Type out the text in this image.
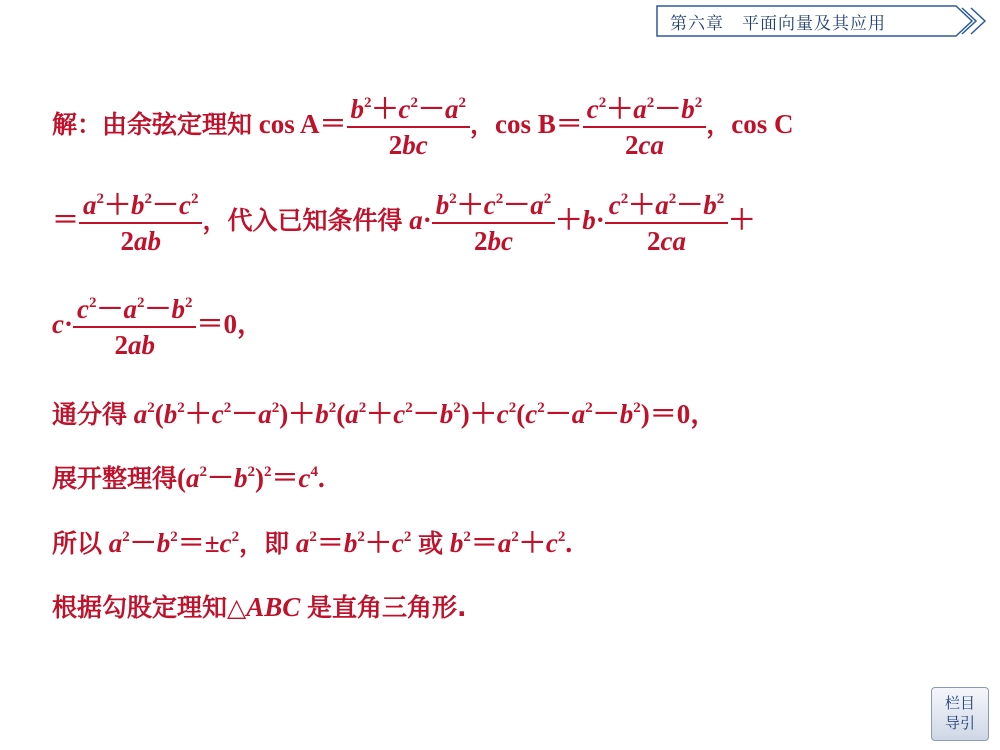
第六章　平面向量及其应用
解：由余弦定理知 $\cos A= \frac{b^2+c^2-a^2}{2bc}$ ，$\cos B= \frac{c^2+a^2-b^2}{2ca}$ ，cos C
＝ $\frac{a^2+b^2-c^2}{2ab}$ ，代入已知条件得 $a\cdot \frac{b^2+c^2-a^2}{2bc} +b\cdot \frac{c^2+a^2-b^2}{2ca}$ ＋
$c\cdot \frac{c^2-a^2-b^2}{2ab} =0$，
通分得 $a^2(b^2+c^2-a^2)+b^2(a^2+c^2-b^2)+c^2(c^2-a^2-b^2)=0$，
展开整理得$(a^2-b^2)^2=c^4$.
所以 $a^2-b^2=\pm c^2$，即 $a^2=b^2+c^2$ 或 $b^2=a^2+c^2$.
根据勾股定理知△ABC 是直角三角形.
栏目
导引
